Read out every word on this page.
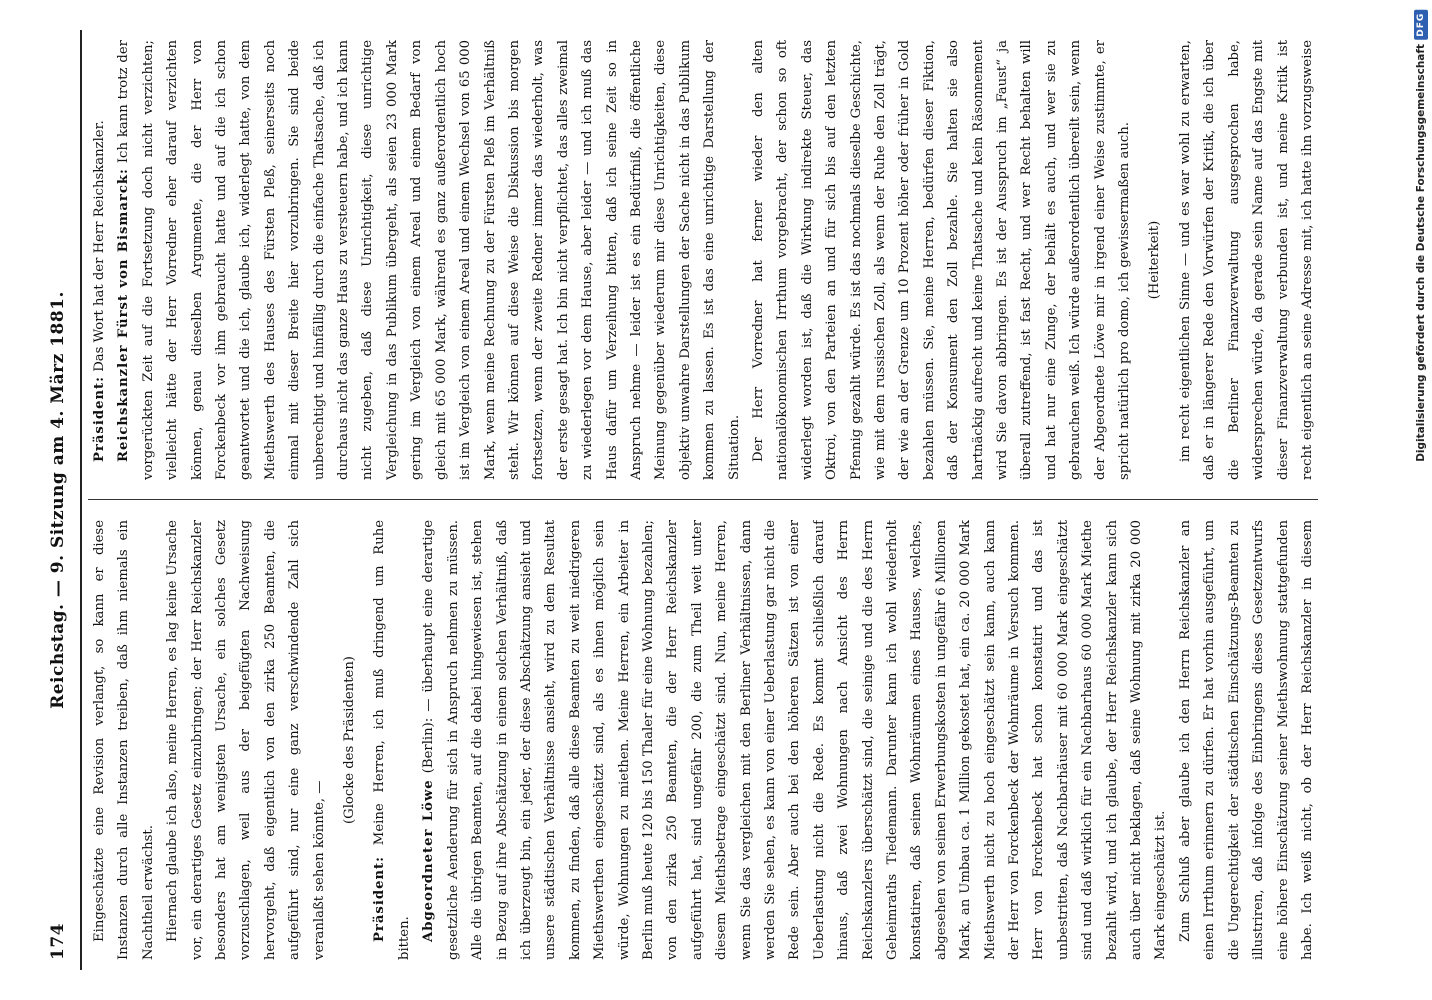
174
Reichstag. — 9. Sitzung am 4. März 1881.

Eingeschätzte eine Revision verlangt, so kann er diese Instanzen durch alle Instanzen treiben, daß ihm niemals ein Nachtheil erwächst. Hiernach glaube ich also, meine Herren, es lag keine Ursache vor, ein derartiges Gesetz einzubringen; der Herr Reichskanzler besonders hat am wenigsten Ursache, ein solches Gesetz vorzuschlagen, weil aus der beigefügten Nachweisung hervorgeht, daß eigentlich von den zirka 250 Beamten, die aufgeführt sind, nur eine ganz verschwindende Zahl sich veranlaßt sehen könnte, —

(Glocke des Präsidenten)

Präsident: Meine Herren, ich muß dringend um Ruhe bitten. Abgeordneter Löwe (Berlin): — überhaupt eine derartige gesetzliche Aenderung für sich in Anspruch nehmen zu müssen. Alle die übrigen Beamten, auf die dabei hingewiesen ist, stehen in Bezug auf ihre Abschätzung in einem solchen Verhältniß, daß ich überzeugt bin, ein jeder, der diese Abschätzung ansieht und unsere städtischen Verhältnisse ansieht, wird zu dem Resultat kommen, zu finden, daß alle diese Beamten zu weit niedrigeren Miethswerthen eingeschätzt sind, als es ihnen möglich sein würde, Wohnungen zu miethen. Meine Herren, ein Arbeiter in Berlin muß heute 120 bis 150 Thaler für eine Wohnung bezahlen; von den zirka 250 Beamten, die der Herr Reichskanzler aufgeführt hat, sind ungefähr 200, die zum Theil weit unter diesem Miethsbetrage eingeschätzt sind. Nun, meine Herren, wenn Sie das vergleichen mit den Berliner Verhältnissen, dann werden Sie sehen, es kann von einer Ueberlastung gar nicht die Rede sein. Aber auch bei den höheren Sätzen ist von einer Ueberlastung nicht die Rede. Es kommt schließlich darauf hinaus, daß zwei Wohnungen nach Ansicht des Herrn Reichskanzlers überschätzt sind, die seinige und die des Herrn Geheimraths Tiedemann. Darunter kann ich wohl wiederholt konstatiren, daß seinen Wohnräumen eines Hauses, welches, abgesehen von seinen Erwerbungskosten in ungefähr 6 Millionen Mark, an Umbau ca. 1 Million gekostet hat, ein ca. 20 000 Mark Miethswerth nicht zu hoch eingeschätzt sein kann, auch kann der Herr von Forckenbeck der Wohnräume in Versuch kommen. Herr von Forckenbeck hat schon konstatirt und das ist unbestritten, daß Nachbarhäuser mit 60 000 Mark eingeschätzt sind und daß wirklich für ein Nachbarhaus 60 000 Mark Miethe bezahlt wird, und ich glaube, der Herr Reichskanzler kann sich auch über nicht beklagen, daß seine Wohnung mit zirka 20 000 Mark eingeschätzt ist. Zum Schluß aber glaube ich den Herrn Reichskanzler an einen Irrthum erinnern zu dürfen. Er hat vorhin ausgeführt, um die Ungerechtigkeit der städtischen Einschätzungs-Beamten zu illustriren, daß infolge des Einbringens dieses Gesetzentwurfs eine höhere Einschätzung seiner Miethswohnung stattgefunden habe. Ich weiß nicht, ob der Herr Reichskanzler in diesem

Präsident: Das Wort hat der Herr Reichskanzler. Reichskanzler Fürst von Bismarck: Ich kann trotz der vorgerückten Zeit auf die Fortsetzung doch nicht verzichten; vielleicht hätte der Herr Vorredner eher darauf verzichten können, genau dieselben Argumente, die der Herr von Forckenbeck vor ihm gebraucht hatte und auf die ich schon geantwortet und die ich, glaube ich, widerlegt hatte, von dem Miethswerth des Hauses des Fürsten Pleß, seinerseits noch einmal mit dieser Breite hier vorzubringen. Sie sind beide unberechtigt und hinfällig durch die einfache Thatsache, daß ich durchaus nicht das ganze Haus zu versteuern habe, und ich kann nicht zugeben, daß diese Unrichtigkeit, diese unrichtige Vergleichung in das Publikum übergeht, als seien 23 000 Mark gering im Vergleich von einem Areal und einem Bedarf von gleich mit 65 000 Mark, während es ganz außerordentlich hoch ist im Vergleich von einem Areal und einem Wechsel von 65 000 Mark, wenn meine Rechnung zu der Fürsten Pleß im Verhältniß steht. Wir können auf diese Weise die Diskussion bis morgen fortsetzen, wenn der zweite Redner immer das wiederholt, was der erste gesagt hat. Ich bin nicht verpflichtet, das alles zweimal zu wiederlegen vor dem Hause, aber leider — und ich muß das Haus dafür um Verzeihung bitten, daß ich seine Zeit so in Anspruch nehme — leider ist es ein Bedürfniß, die öffentliche Meinung gegenüber wiederum mir diese Unrichtigkeiten, diese objektiv unwahre Darstellungen der Sache nicht in das Publikum kommen zu lassen. Es ist das eine unrichtige Darstellung der Situation. Der Herr Vorredner hat ferner wieder den alten nationalökonomischen Irrthum vorgebracht, der schon so oft widerlegt worden ist, daß die Wirkung indirekte Steuer, das Oktroi, von den Parteien an und für sich bis auf den letzten Pfennig gezahlt würde. Es ist das nochmals dieselbe Geschichte, wie mit dem russischen Zoll, als wenn der Ruhe den Zoll trägt, der wie an der Grenze um 10 Prozent höher oder früher in Gold bezahlen müssen. Sie, meine Herren, bedürfen dieser Fiktion, daß der Konsument den Zoll bezahle. Sie halten sie also hartnäckig aufrecht und keine Thatsache und kein Räsonnement wird Sie davon abbringen. Es ist der Ausspruch im „Faust“ ja überall zutreffend, ist fast Recht, und wer Recht behalten will und hat nur eine Zunge, der behält es auch, und wer sie zu gebrauchen weiß. Ich würde außerordentlich übereilt sein, wenn der Abgeordnete Löwe mir in irgend einer Weise zustimmte, er spricht natürlich pro domo, ich gewissermaßen auch.	(Heiterkeit)

im recht eigentlichen Sinne — und es war wohl zu erwarten, daß er in längerer Rede den Vorwürfen der Kritik, die ich über die Berliner Finanzverwaltung ausgesprochen habe, widersprechen würde, da gerade sein Name auf das Engste mit dieser Finanzverwaltung verbunden ist, und meine Kritik ist recht eigentlich an seine Adresse mit, ich hatte ihn vorzugsweise	Digitalisierung gefördert durch die Deutsche Forschungsgemeinschaft
DFG
